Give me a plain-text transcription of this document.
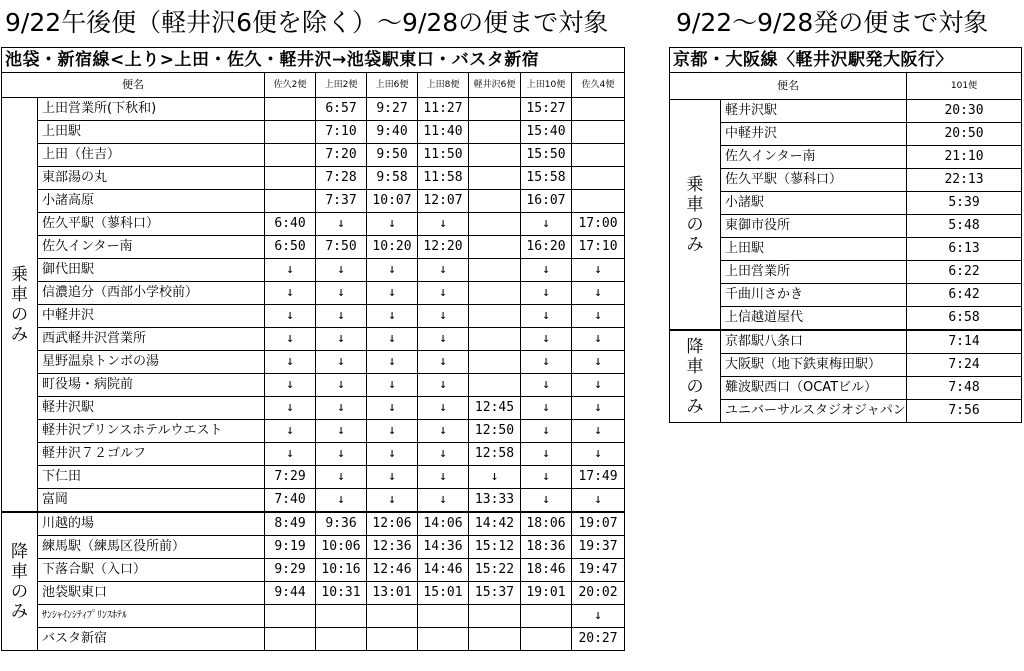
9/22午後便（軽井沢6便を除く）～9/28の便まで対象	9/22～9/28発の便まで対象
池袋・新宿線<上り>上田・佐久・軽井沢→池袋駅東口・バスタ新宿								
便名		佐久2便	上田2便	上田6便	上田8便	軽井沢6便	上田10便	佐久4便

乗
車
の
み	上田営業所(下秋和)		6:57	9:27	11:27		15:27	
	上田駅		7:10	9:40	11:40		15:40	
	上田（住吉）		7:20	9:50	11:50		15:50	
	東部湯の丸		7:28	9:58	11:58		15:58	
	小諸高原		7:37	10:07	12:07		16:07	
	佐久平駅（蓼科口）	6:40	↓	↓	↓		↓	17:00
	佐久インター南	6:50	7:50	10:20	12:20		16:20	17:10
	御代田駅	↓	↓	↓	↓		↓	↓
	信濃追分（西部小学校前）	↓	↓	↓	↓		↓	↓
	中軽井沢	↓	↓	↓	↓		↓	↓
	西武軽井沢営業所	↓	↓	↓	↓		↓	↓
	星野温泉トンボの湯	↓	↓	↓	↓		↓	↓
	町役場・病院前	↓	↓	↓	↓		↓	↓
	軽井沢駅	↓	↓	↓	↓	12:45	↓	↓
	軽井沢プリンスホテルウエスト	↓	↓	↓	↓	12:50	↓	↓
	軽井沢７２ゴルフ	↓	↓	↓	↓	12:58	↓	↓
	下仁田	7:29	↓	↓	↓	↓	↓	17:49
	富岡	7:40	↓	↓	↓	13:33	↓	↓

降
車
の
み	川越的場	8:49	9:36	12:06	14:06	14:42	18:06	19:07
	練馬駅（練馬区役所前）	9:19	10:06	12:36	14:36	15:12	18:36	19:37
	下落合駅（入口）	9:29	10:16	12:46	14:46	15:22	18:46	19:47
	池袋駅東口	9:44	10:31	13:01	15:01	15:37	19:01	20:02
	ｻﾝｼｬｲﾝｼﾃｨﾌﾟﾘﾝｽﾎﾃﾙ							↓
	バスタ新宿							20:27
京都・大阪線〈軽井沢駅発大阪行〉		
便名		101便

乗
車
の
み	軽井沢駅	20:30
	中軽井沢	20:50
	佐久インター南	21:10
	佐久平駅（蓼科口）	22:13
	小諸駅	5:39
	東御市役所	5:48
	上田駅	6:13
	上田営業所	6:22
	千曲川さかき	6:42
	上信越道屋代	6:58

降
車
の
み	京都駅八条口	7:14
	大阪駅（地下鉄東梅田駅）	7:24
	難波駅西口（OCATビル）	7:48
	ユニバーサルスタジオジャパン	7:56
